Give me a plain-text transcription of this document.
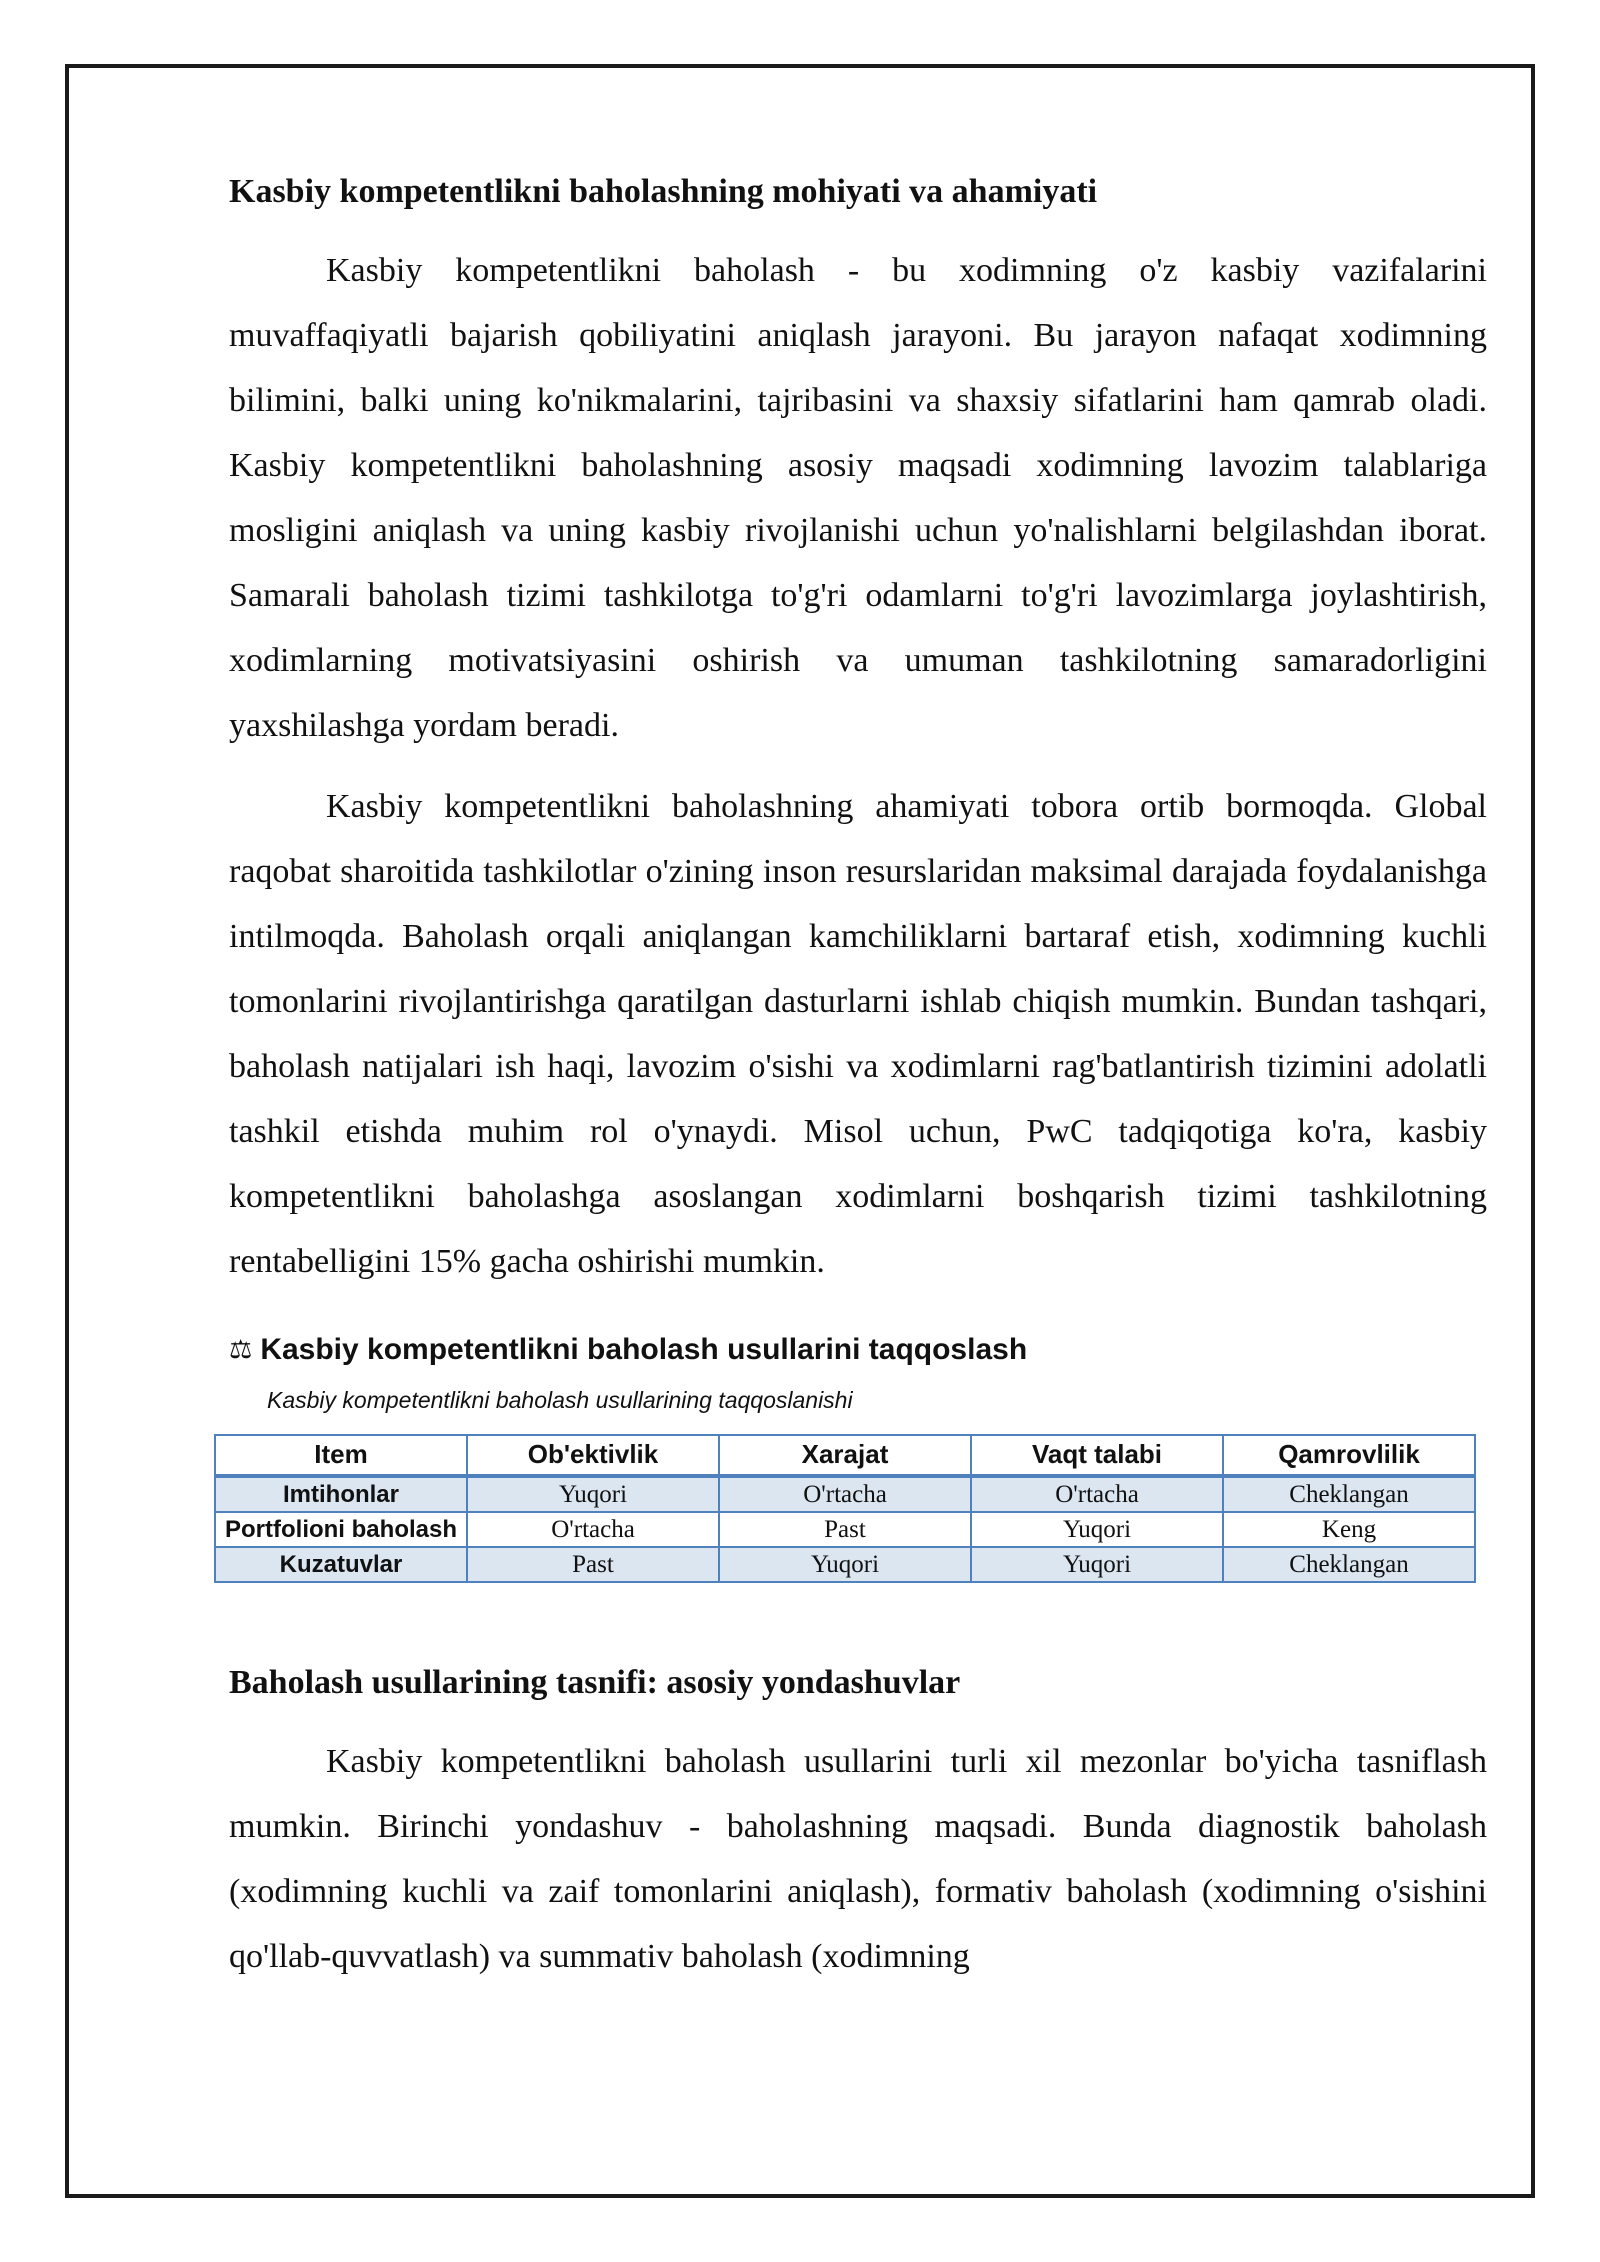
Kasbiy kompetentlikni baholashning mohiyati va ahamiyati

Kasbiy kompetentlikni baholash - bu xodimning o'z kasbiy vazifalarini muvaffaqiyatli bajarish qobiliyatini aniqlash jarayoni. Bu jarayon nafaqat xodimning bilimini, balki uning ko'nikmalarini, tajribasini va shaxsiy sifatlarini ham qamrab oladi. Kasbiy kompetentlikni baholashning asosiy maqsadi xodimning lavozim talablariga mosligini aniqlash va uning kasbiy rivojlanishi uchun yo'nalishlarni belgilashdan iborat. Samarali baholash tizimi tashkilotga to'g'ri odamlarni to'g'ri lavozimlarga joylashtirish, xodimlarning motivatsiyasini oshirish va umuman tashkilotning samaradorligini yaxshilashga yordam beradi.

Kasbiy kompetentlikni baholashning ahamiyati tobora ortib bormoqda. Global raqobat sharoitida tashkilotlar o'zining inson resurslaridan maksimal darajada foydalanishga intilmoqda. Baholash orqali aniqlangan kamchiliklarni bartaraf etish, xodimning kuchli tomonlarini rivojlantirishga qaratilgan dasturlarni ishlab chiqish mumkin. Bundan tashqari, baholash natijalari ish haqi, lavozim o'sishi va xodimlarni rag'batlantirish tizimini adolatli tashkil etishda muhim rol o'ynaydi. Misol uchun, PwC tadqiqotiga ko'ra, kasbiy kompetentlikni baholashga asoslangan xodimlarni boshqarish tizimi tashkilotning rentabelligini 15% gacha oshirishi mumkin.

⚖ Kasbiy kompetentlikni baholash usullarini taqqoslash
Kasbiy kompetentlikni baholash usullarining taqqoslanishi
Item	Ob'ektivlik	Xarajat	Vaqt talabi	Qamrovlilik
Imtihonlar	Yuqori	O'rtacha	O'rtacha	Cheklangan
Portfolioni baholash	O'rtacha	Past	Yuqori	Keng
Kuzatuvlar	Past	Yuqori	Yuqori	Cheklangan
Baholash usullarining tasnifi: asosiy yondashuvlar

Kasbiy kompetentlikni baholash usullarini turli xil mezonlar bo'yicha tasniflash mumkin. Birinchi yondashuv - baholashning maqsadi. Bunda diagnostik baholash (xodimning kuchli va zaif tomonlarini aniqlash), formativ baholash (xodimning o'sishini qo'llab-quvvatlash) va summativ baholash (xodimning
